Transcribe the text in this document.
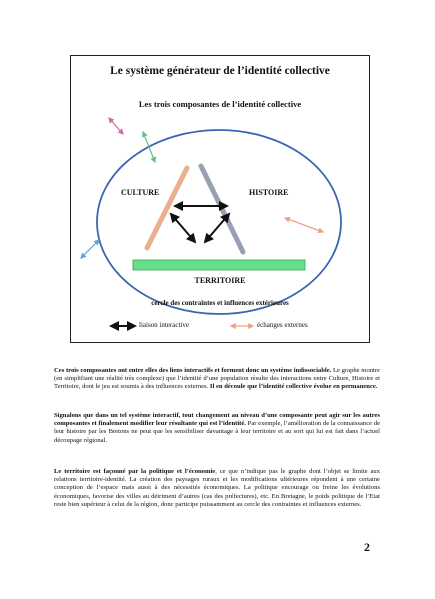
Le système générateur de l’identité collective
Les trois composantes de l’identité collective
CULTURE	HISTOIRE
TERRITOIRE
cercle des contraintes et influences extérieures
liaison interactive	échanges externes
Ces trois composantes ont entre elles des liens interactifs et forment donc un système indissociable. Le graphe montre (en simplifiant une réalité très complexe) que l’identité d’une population résulte des interactions entre Culture, Histoire et Territoire, dont le jeu est soumis à des influences externes. Il en découle que l’identité collective évolue en permanence.
Signalons que dans un tel système interactif, tout changement au niveau d’une composante peut agir sur les autres composantes et finalement modifier leur résultante qui est l’identité. Par exemple, l’amélioration de la connaissance de leur histoire par les Bretons ne peut que les sensibiliser davantage à leur territoire et au sort qui lui est fait dans l’actuel découpage régional.
Le territoire est façonné par la politique et l’économie, ce que n’indique pas le graphe dont l’objet se limite aux relations territoire-identité. La création des paysages ruraux et les modifications ultérieures répondent à une certaine conception de l’espace mais aussi à des nécessités économiques. La politique encourage ou freine les évolutions économiques, favorise des villes au détriment d’autres (cas des préfectures), etc. En Bretagne, le poids politique de l’Etat reste bien supérieur à celui de la région, donc participe puissamment au cercle des contraintes et influences externes.
2
